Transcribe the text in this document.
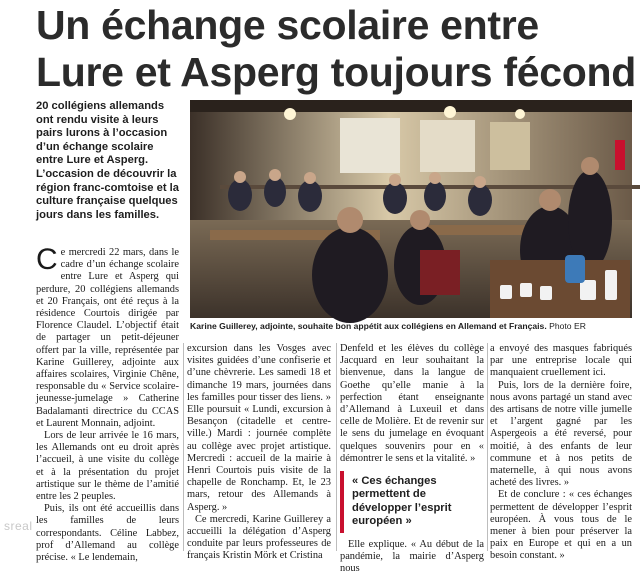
Un échange scolaire entre
Lure et Asperg toujours fécond
20 collégiens allemands ont rendu visite à leurs pairs lurons à l’occasion d’un échange scolaire entre Lure et Asperg. L’occasion de découvrir la région franc-comtoise et la culture française quelques jours dans les familles.
Karine Guillerey, adjointe, souhaite bon appétit aux collégiens en Allemand et Français. Photo ER

Ce mercredi 22 mars, dans le cadre d’un échange scolaire entre Lure et Asperg qui perdure, 20 collégiens allemands et 20 Français, ont été reçus à la résidence Courtois dirigée par Florence Claudel. L’objectif était de partager un petit-déjeuner offert par la ville, représentée par Karine Guillerey, adjointe aux affaires scolaires, Virginie Chêne, responsable du « Service scolaire-jeunesse-jumelage » Catherine Badalamanti directrice du CCAS et Laurent Monnain, adjoint.

Lors de leur arrivée le 16 mars, les Allemands ont eu droit après l’accueil, à une visite du collège et à la présentation du projet artistique sur le thème de l’amitié entre les 2 peuples.

Puis, ils ont été accueillis dans les familles de leurs correspondants. Céline Labbez, prof d’Allemand au collège précise. « Le lendemain,

excursion dans les Vosges avec visites guidées d’une confiserie et d’une chèvrerie. Les samedi 18 et dimanche 19 mars, journées dans les familles pour tisser des liens. » Elle poursuit « Lundi, excursion à Besançon (citadelle et centre-ville.) Mardi : journée complète au collège avec projet artistique. Mercredi : accueil de la mairie à Henri Courtois puis visite de la chapelle de Ronchamp. Et, le 23 mars, retour des Allemands à Asperg. »

Ce mercredi, Karine Guillerey a accueilli la délégation d’Asperg conduite par leurs professeures de français Kristin Mörk et Cristina

Denfeld et les élèves du collège Jacquard en leur souhaitant la bienvenue, dans la langue de Goethe qu’elle manie à la perfection étant enseignante d’Allemand à Luxeuil et dans celle de Molière. Et de revenir sur le sens du jumelage en évoquant quelques souvenirs pour en « démontrer le sens et la vitalité. »

« Ces échanges permettent de développer l’esprit européen »

Elle explique. « Au début de la pandémie, la mairie d’Asperg nous

a envoyé des masques fabriqués par une entreprise locale qui manquaient cruellement ici.

Puis, lors de la dernière foire, nous avons partagé un stand avec des artisans de notre ville jumelle et l’argent gagné par les Aspergeois a été reversé, pour moitié, à des enfants de leur commune et à nos petits de maternelle, à qui nous avons acheté des livres. »

Et de conclure : « ces échanges permettent de développer l’esprit européen. À vous tous de le mener à bien pour préserver la paix en Europe et qui en a un besoin constant. »

sreal
